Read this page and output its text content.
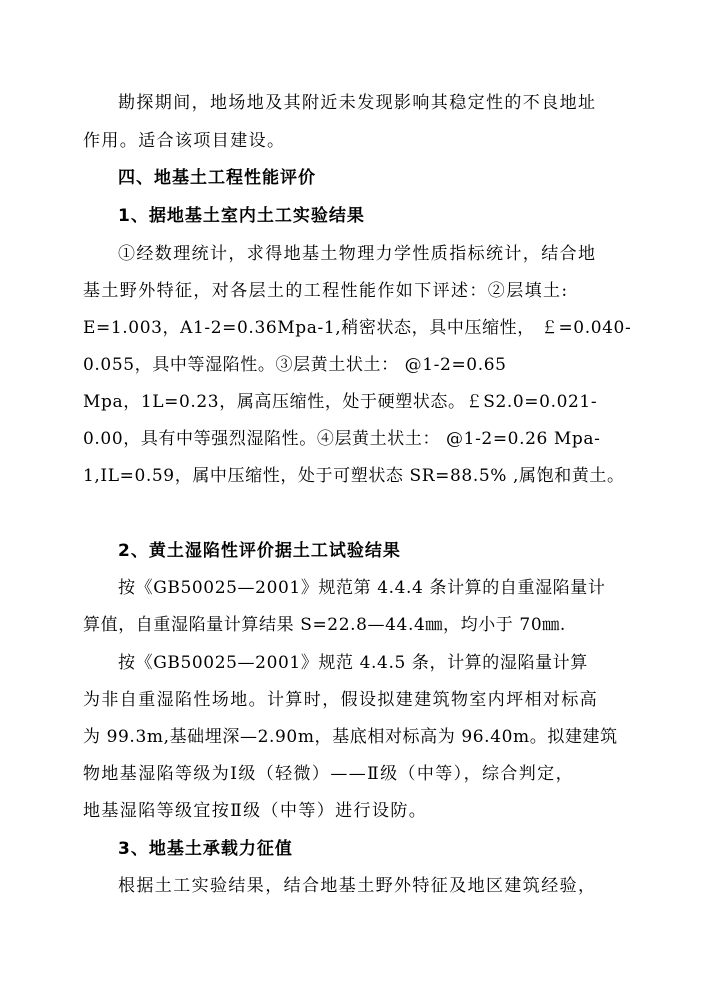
勘探期间，地场地及其附近未发现影响其稳定性的不良地址
作用。适合该项目建设。
四、地基土工程性能评价
1、据地基土室内土工实验结果
①经数理统计，求得地基土物理力学性质指标统计，结合地
基土野外特征，对各层土的工程性能作如下评述：②层填土:
E=1.003，A1-2=0.36Mpa-1,稍密状态，具中压缩性， ￡=0.040-
0.055，具中等湿陷性。③层黄土状土： @1-2=0.65
Mpa，1L=0.23，属高压缩性，处于硬塑状态。￡S2.0=0.021-
0.00，具有中等强烈湿陷性。④层黄土状土： @1-2=0.26 Mpa-
1,IL=0.59，属中压缩性，处于可塑状态 SR=88.5% ,属饱和黄土。
2、黄土湿陷性评价据土工试验结果
按《GB50025—2001》规范第 4.4.4 条计算的自重湿陷量计
算值，自重湿陷量计算结果 S=22.8—44.4㎜，均小于 70㎜.
按《GB50025—2001》规范 4.4.5 条，计算的湿陷量计算
为非自重湿陷性场地。计算时，假设拟建建筑物室内坪相对标高
为 99.3m,基础埋深—2.90m，基底相对标高为 96.40m。拟建建筑
物地基湿陷等级为Ⅰ级（轻微）——Ⅱ级（中等），综合判定，
地基湿陷等级宜按Ⅱ级（中等）进行设防。
3、地基土承载力征值
根据土工实验结果，结合地基土野外特征及地区建筑经验，
